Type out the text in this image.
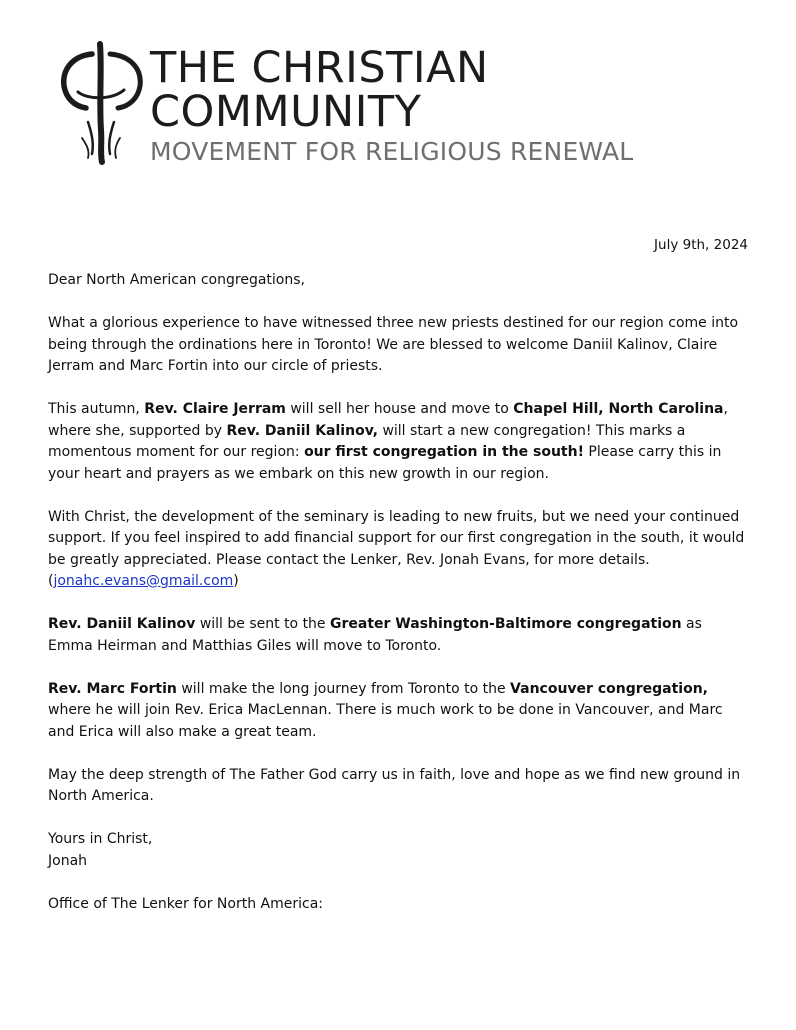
THE CHRISTIAN
COMMUNITY
MOVEMENT FOR RELIGIOUS RENEWAL
July 9th, 2024

Dear North American congregations,

What a glorious experience to have witnessed three new priests destined for our region come into being through the ordinations here in Toronto! We are blessed to welcome Daniil Kalinov, Claire Jerram and Marc Fortin into our circle of priests.

This autumn, Rev. Claire Jerram will sell her house and move to Chapel Hill, North Carolina, where she, supported by Rev. Daniil Kalinov, will start a new congregation! This marks a momentous moment for our region: our first congregation in the south! Please carry this in your heart and prayers as we embark on this new growth in our region.

With Christ, the development of the seminary is leading to new fruits, but we need your continued support. If you feel inspired to add financial support for our first congregation in the south, it would be greatly appreciated. Please contact the Lenker, Rev. Jonah Evans, for more details. (jonahc.evans@gmail.com)

Rev. Daniil Kalinov will be sent to the Greater Washington-Baltimore congregation as Emma Heirman and Matthias Giles will move to Toronto.

Rev. Marc Fortin will make the long journey from Toronto to the Vancouver congregation, where he will join Rev. Erica MacLennan. There is much work to be done in Vancouver, and Marc and Erica will also make a great team.

May the deep strength of The Father God carry us in faith, love and hope as we find new ground in North America.

Yours in Christ,
Jonah
Office of The Lenker for North America:
